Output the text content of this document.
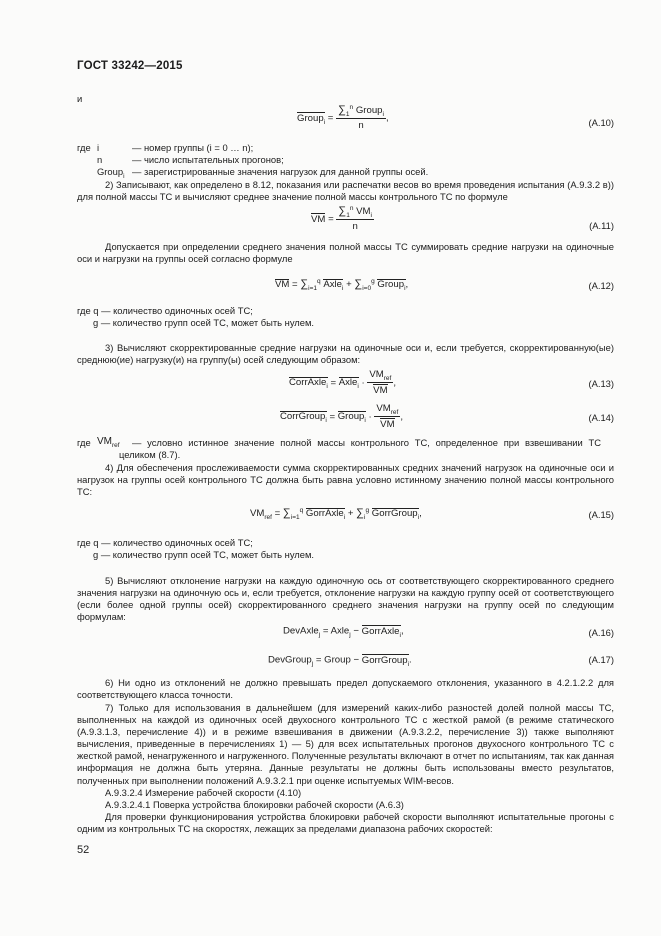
ГОСТ 33242—2015
и
Group$_i$ = $\frac{\sum_1^n Group_i}{n}$ ,	(А.10)
где i	— номер группы (i = 0 … n);
n	— число испытательных прогонов;
Group$_i$ — зарегистрированные значения нагрузок для данной группы осей.
2) Записывают, как определено в 8.12, показания или распечатки весов во время проведения испытания (А.9.3.2 в)) для полной массы ТС и вычисляют среднее значение полной массы контрольного ТС по формуле
VM = $\frac{\sum_1^n VM_i}{n}$	(А.11)
Допускается при определении среднего значения полной массы ТС суммировать средние нагрузки на одиночные оси и нагрузки на группы осей согласно формуле
VM = $\sum_{i=1}^q$ Axle$_i$ + $\sum_{i=0}^g$ Group$_i$,	(А.12)
где q — количество одиночных осей ТС;
g — количество групп осей ТС, может быть нулем.
3) Вычисляют скорректированные средние нагрузки на одиночные оси и, если требуется, скорректированную(ые) среднюю(ие) нагрузку(и) на группу(ы) осей следующим образом:
CorrAxle$_i$ = Axle$_i$ · $\frac{VM_{ref}}{VM}$ ,	(А.13)
CorrGroup$_i$ = Group$_i$ · $\frac{VM_{ref}}{VM}$ ,	(А.14)
где $VM_{ref}$	— условно истинное значение полной массы контрольного ТС, определенное при взвешивании ТС целиком (8.7).
4) Для обеспечения прослеживаемости сумма скорректированных средних значений нагрузок на одиночные оси и нагрузок на группы осей контрольного ТС должна быть равна условно истинному значению полной массы контрольного ТС:
$VM_{ref} = \sum_{i=1}^q$ GorrAxle$_i$ + $\sum_i^g$ GorrGroup$_i$,	(А.15)
где q — количество одиночных осей ТС;
g — количество групп осей ТС, может быть нулем.
5) Вычисляют отклонение нагрузки на каждую одиночную ось от соответствующего скорректированного среднего значения нагрузки на одиночную ось и, если требуется, отклонение нагрузки на каждую группу осей от соответствующего (если более одной группы осей) скорректированного среднего значения нагрузки на группу осей по следующим формулам:
DevAxle$_j$ = Axle$_j$ − GorrAxle$_i$,	(А.16)
DevGroup$_j$ = Group − GorrGroup$_i$.	(А.17)
6) Ни одно из отклонений не должно превышать предел допускаемого отклонения, указанного в 4.2.1.2.2 для соответствующего класса точности.
7) Только для использования в дальнейшем (для измерений каких-либо разностей долей полной массы ТС, выполненных на каждой из одиночных осей двухосного контрольного ТС с жесткой рамой (в режиме статического (А.9.3.1.3, перечисление 4)) и в режиме взвешивания в движении (А.9.3.2.2, перечисление 3)) также выполняют вычисления, приведенные в перечислениях 1) — 5) для всех испытательных прогонов двухосного контрольного ТС с жесткой рамой, ненагруженного и нагруженного. Полученные результаты включают в отчет по испытаниям, так как данная информация не должна быть утеряна. Данные результаты не должны быть использованы вместо результатов, полученных при выполнении положений А.9.3.2.1 при оценке испытуемых WIM-весов.
А.9.3.2.4 Измерение рабочей скорости (4.10)
А.9.3.2.4.1 Поверка устройства блокировки рабочей скорости (А.6.3)
Для проверки функционирования устройства блокировки рабочей скорости выполняют испытательные прогоны с одним из контрольных ТС на скоростях, лежащих за пределами диапазона рабочих скоростей:
52
